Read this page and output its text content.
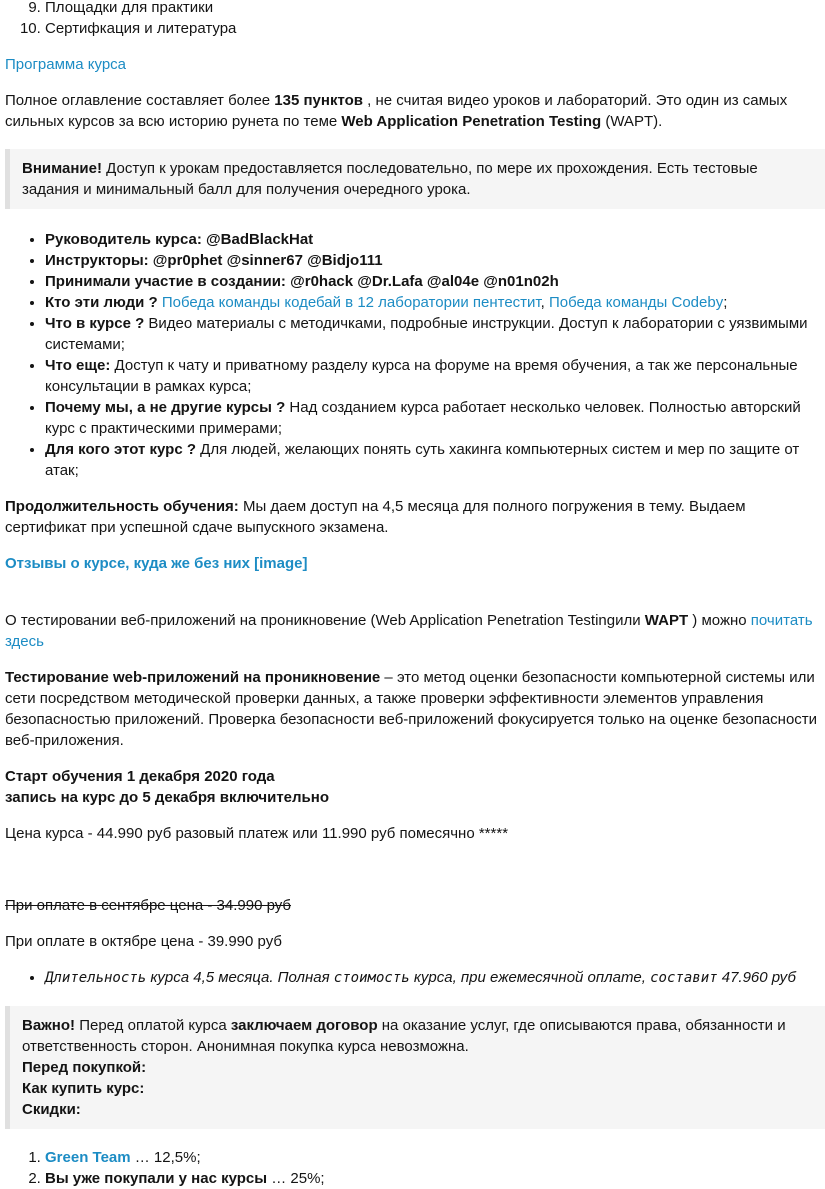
9. Площадки для практики
10. Сертифкация и литература

Программа курса

Полное оглавление составляет более 135 пунктов , не считая видео уроков и лабораторий. Это один из самых
сильных курсов за всю историю рунета по теме Web Application Penetration Testing (WAPT).
Внимание! Доступ к урокам предоставляется последовательно, по мере их прохождения. Есть тестовые
задания и минимальный балл для получения очередного урока.
• Руководитель курса: @BadBlackHat
• Инструкторы: @pr0phet @sinner67 @Bidjo111
• Принимали участие в создании: @r0hack @Dr.Lafa @al04e @n01n02h
• Кто эти люди ? Победа команды кодебай в 12 лаборатории пентестит, Победа команды Codeby;
• Что в курсе ? Видео материалы с методичками, подробные инструкции. Доступ к лаборатории с уязвимыми
системами;
• Что еще: Доступ к чату и приватному разделу курса на форуме на время обучения, а так же персональные
консультации в рамках курса;
• Почему мы, а не другие курсы ? Над созданием курса работает несколько человек. Полностью авторский
курс с практическими примерами;
• Для кого этот курс ? Для людей, желающих понять суть хакинга компьютерных систем и мер по защите от
атак;
Продолжительность обучения: Мы даем доступ на 4,5 месяца для полного погружения в тему. Выдаем
сертификат при успешной сдаче выпускного экзамена.

Отзывы о курсе, куда же без них [image]

О тестировании веб-приложений на проникновение (Web Application Penetration Testingили WAPT ) можно почитать
здесь
Тестирование web-приложений на проникновение – это метод оценки безопасности компьютерной системы или
сети посредством методической проверки данных, а также проверки эффективности элементов управления
безопасностью приложений. Проверка безопасности веб-приложений фокусируется только на оценке безопасности
веб-приложения.
Старт обучения 1 декабря 2020 года
запись на курс до 5 декабря включительно

Цена курса - 44.990 руб разовый платеж или 11.990 руб помесячно *****

При оплате в сентябре цена - 34.990 руб

При оплате в октябре цена - 39.990 руб

• Длительность курса 4,5 месяца. Полная стоимость курса, при ежемесячной оплате, составит 47.960 руб
Важно! Перед оплатой курса заключаем договор на оказание услуг, где описываются права, обязанности и
ответственность сторон. Анонимная покупка курса невозможна.
Перед покупкой:
Как купить курс:
Скидки:
1. Green Team … 12,5%;
2. Вы уже покупали у нас курсы … 25%;
